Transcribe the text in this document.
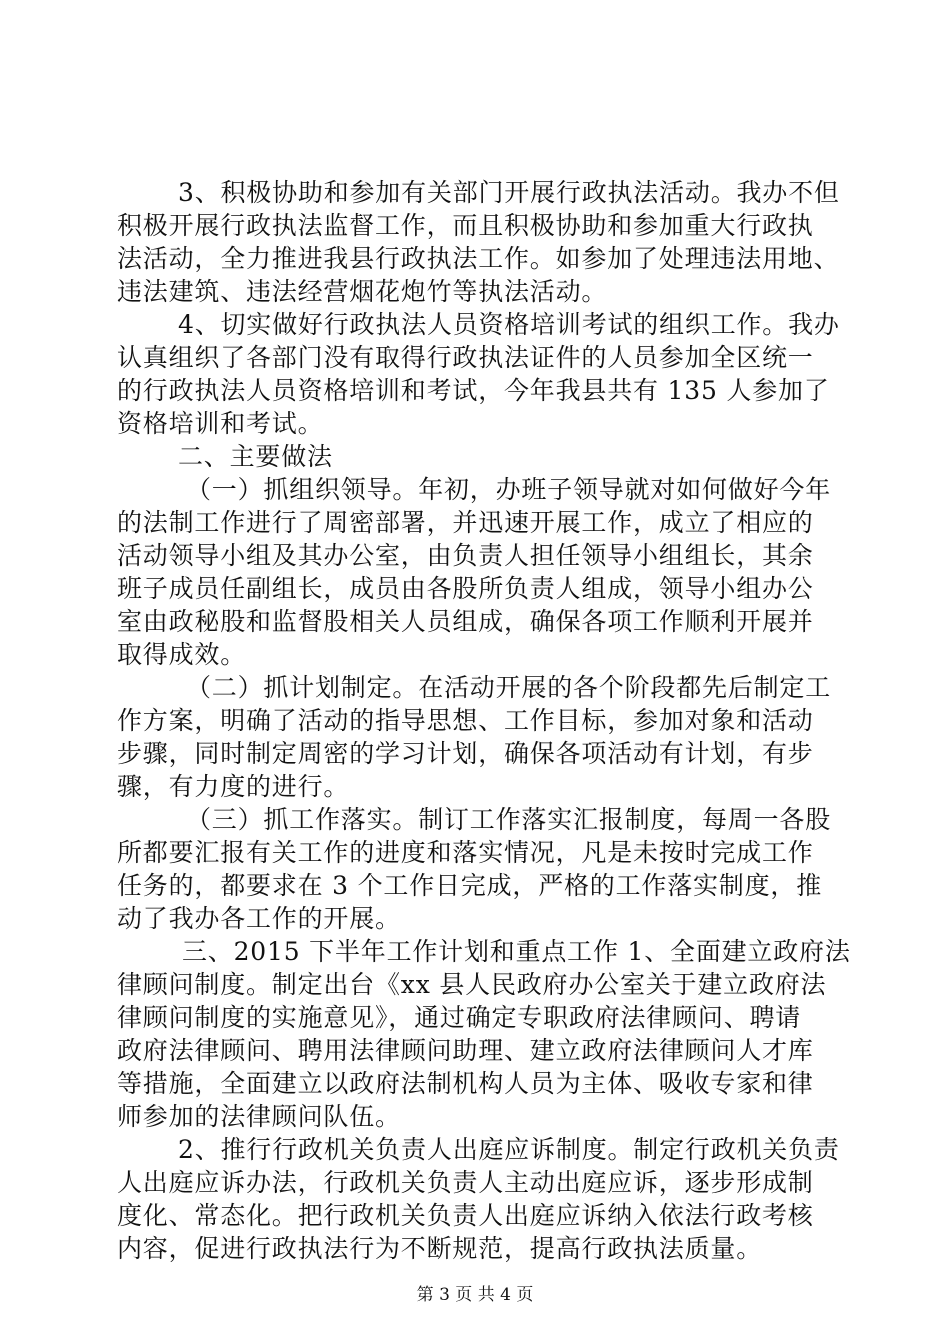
3、积极协助和参加有关部门开展行政执法活动。我办不但
积极开展行政执法监督工作，而且积极协助和参加重大行政执
法活动，全力推进我县行政执法工作。如参加了处理违法用地、
违法建筑、违法经营烟花炮竹等执法活动。
4、切实做好行政执法人员资格培训考试的组织工作。我办
认真组织了各部门没有取得行政执法证件的人员参加全区统一
的行政执法人员资格培训和考试，今年我县共有 135 人参加了
资格培训和考试。
二、主要做法
（一）抓组织领导。年初，办班子领导就对如何做好今年
的法制工作进行了周密部署，并迅速开展工作，成立了相应的
活动领导小组及其办公室，由负责人担任领导小组组长，其余
班子成员任副组长，成员由各股所负责人组成，领导小组办公
室由政秘股和监督股相关人员组成，确保各项工作顺利开展并
取得成效。
（二）抓计划制定。在活动开展的各个阶段都先后制定工
作方案，明确了活动的指导思想、工作目标，参加对象和活动
步骤，同时制定周密的学习计划，确保各项活动有计划，有步
骤，有力度的进行。
（三）抓工作落实。制订工作落实汇报制度，每周一各股
所都要汇报有关工作的进度和落实情况，凡是未按时完成工作
任务的，都要求在 3 个工作日完成，严格的工作落实制度，推
动了我办各工作的开展。
三、2015 下半年工作计划和重点工作 1、全面建立政府法
律顾问制度。制定出台《xx 县人民政府办公室关于建立政府法
律顾问制度的实施意见》，通过确定专职政府法律顾问、聘请
政府法律顾问、聘用法律顾问助理、建立政府法律顾问人才库
等措施，全面建立以政府法制机构人员为主体、吸收专家和律
师参加的法律顾问队伍。
2、推行行政机关负责人出庭应诉制度。制定行政机关负责
人出庭应诉办法，行政机关负责人主动出庭应诉，逐步形成制
度化、常态化。把行政机关负责人出庭应诉纳入依法行政考核
内容，促进行政执法行为不断规范，提高行政执法质量。
第 3 页 共 4 页
